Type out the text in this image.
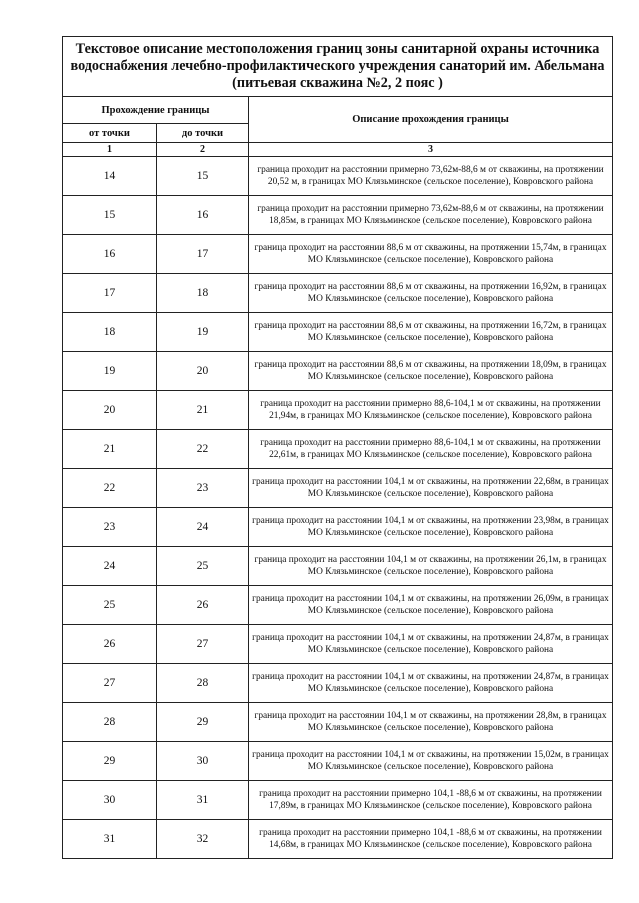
Текстовое описание местоположения границ зоны санитарной охраны источника водоснабжения лечебно-профилактического учреждения санаторий им. Абельмана (питьевая скважина №2, 2 пояс )		
Прохождение границы		Описание прохождения границы
от точки	до точки	
1	2	3
14	15	граница проходит на расстоянии примерно 73,62м-88,6 м от скважины, на протяжении 20,52 м, в границах МО Клязьминское (сельское поселение), Ковровского района
15	16	граница проходит на расстоянии примерно 73,62м-88,6 м от скважины, на протяжении 18,85м, в границах МО Клязьминское (сельское поселение), Ковровского района
16	17	граница проходит на расстоянии 88,6 м от скважины, на протяжении 15,74м, в границах МО Клязьминское (сельское поселение), Ковровского района
17	18	граница проходит на расстоянии 88,6 м от скважины, на протяжении 16,92м, в границах МО Клязьминское (сельское поселение), Ковровского района
18	19	граница проходит на расстоянии 88,6 м от скважины, на протяжении 16,72м, в границах МО Клязьминское (сельское поселение), Ковровского района
19	20	граница проходит на расстоянии 88,6 м от скважины, на протяжении 18,09м, в границах МО Клязьминское (сельское поселение), Ковровского района
20	21	граница проходит на расстоянии примерно 88,6-104,1 м от скважины, на протяжении 21,94м, в границах МО Клязьминское (сельское поселение), Ковровского района
21	22	граница проходит на расстоянии примерно 88,6-104,1 м от скважины, на протяжении 22,61м, в границах МО Клязьминское (сельское поселение), Ковровского района
22	23	граница проходит на расстоянии 104,1 м от скважины, на протяжении 22,68м, в границах МО Клязьминское (сельское поселение), Ковровского района
23	24	граница проходит на расстоянии 104,1 м от скважины, на протяжении 23,98м, в границах МО Клязьминское (сельское поселение), Ковровского района
24	25	граница проходит на расстоянии 104,1 м от скважины, на протяжении 26,1м, в границах МО Клязьминское (сельское поселение), Ковровского района
25	26	граница проходит на расстоянии 104,1 м от скважины, на протяжении 26,09м, в границах МО Клязьминское (сельское поселение), Ковровского района
26	27	граница проходит на расстоянии 104,1 м от скважины, на протяжении 24,87м, в границах МО Клязьминское (сельское поселение), Ковровского района
27	28	граница проходит на расстоянии 104,1 м от скважины, на протяжении 24,87м, в границах МО Клязьминское (сельское поселение), Ковровского района
28	29	граница проходит на расстоянии 104,1 м от скважины, на протяжении 28,8м, в границах МО Клязьминское (сельское поселение), Ковровского района
29	30	граница проходит на расстоянии 104,1 м от скважины, на протяжении 15,02м, в границах МО Клязьминское (сельское поселение), Ковровского района
30	31	граница проходит на расстоянии примерно 104,1 -88,6 м от скважины, на протяжении 17,89м, в границах МО Клязьминское (сельское поселение), Ковровского района
31	32	граница проходит на расстоянии примерно 104,1 -88,6 м от скважины, на протяжении 14,68м, в границах МО Клязьминское (сельское поселение), Ковровского района
